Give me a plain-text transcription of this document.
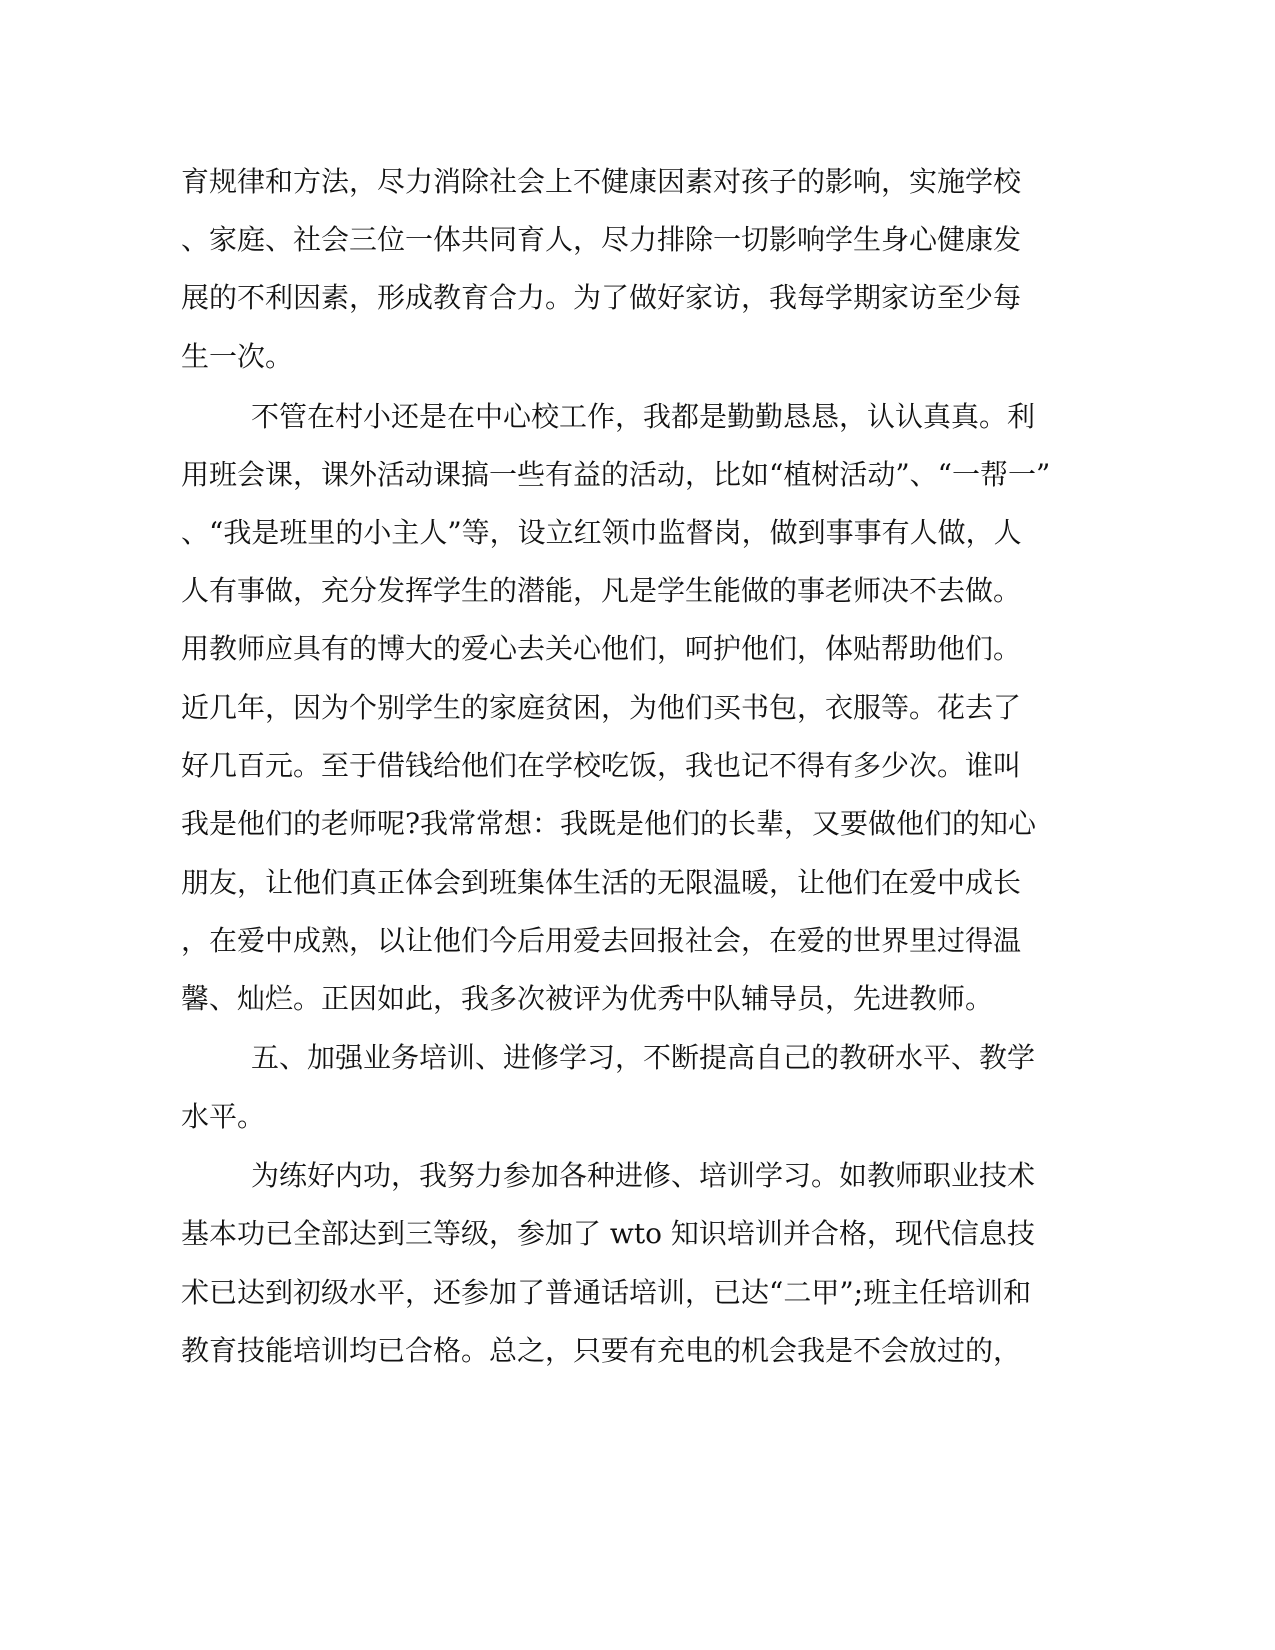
育规律和方法，尽力消除社会上不健康因素对孩子的影响，实施学校
、家庭、社会三位一体共同育人，尽力排除一切影响学生身心健康发
展的不利因素，形成教育合力。为了做好家访，我每学期家访至少每
生一次。
不管在村小还是在中心校工作，我都是勤勤恳恳，认认真真。利
用班会课，课外活动课搞一些有益的活动，比如“植树活动”、“一帮一”
、“我是班里的小主人”等，设立红领巾监督岗，做到事事有人做，人
人有事做，充分发挥学生的潜能，凡是学生能做的事老师决不去做。
用教师应具有的博大的爱心去关心他们，呵护他们，体贴帮助他们。
近几年，因为个别学生的家庭贫困，为他们买书包，衣服等。花去了
好几百元。至于借钱给他们在学校吃饭，我也记不得有多少次。谁叫
我是他们的老师呢?我常常想：我既是他们的长辈，又要做他们的知心
朋友，让他们真正体会到班集体生活的无限温暖，让他们在爱中成长
，在爱中成熟，以让他们今后用爱去回报社会，在爱的世界里过得温
馨、灿烂。正因如此，我多次被评为优秀中队辅导员，先进教师。
五、加强业务培训、进修学习，不断提高自己的教研水平、教学
水平。
为练好内功，我努力参加各种进修、培训学习。如教师职业技术
基本功已全部达到三等级，参加了 wto 知识培训并合格，现代信息技
术已达到初级水平，还参加了普通话培训，已达“二甲”;班主任培训和
教育技能培训均已合格。总之，只要有充电的机会我是不会放过的，
